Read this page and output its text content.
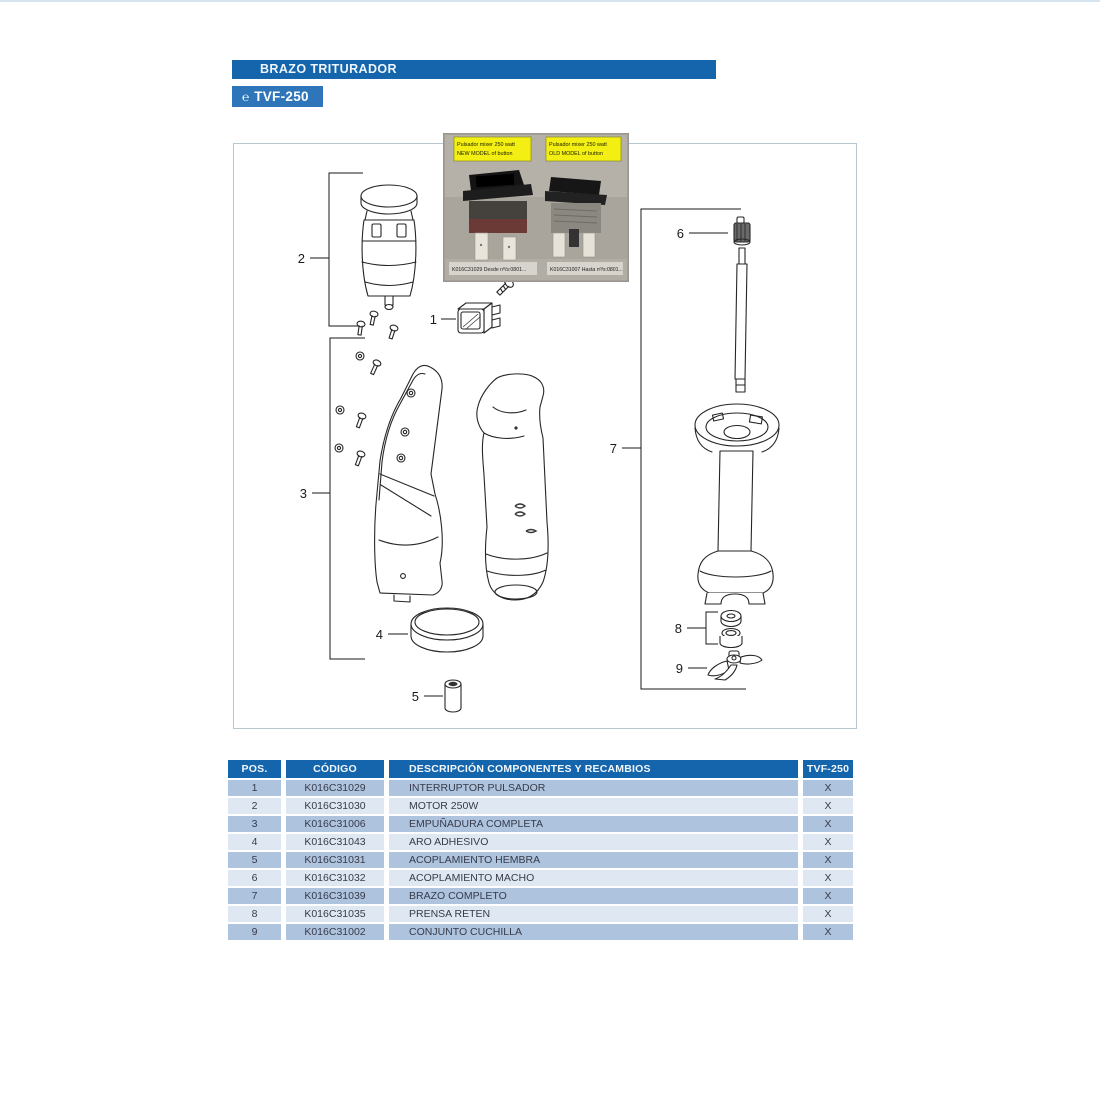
BRAZO TRITURADOR
℮ TVF-250
1
2
3
4
5
6
7
8
9
Pulsador mixer 250 watt
NEW MODEL of button
Pulsador mixer 250 watt
OLD MODEL of button
K016C31029 Desde nº/s:0801...	K016C31007 Hasta nº/s:0801...
POS.	CÓDIGO	DESCRIPCIÓN COMPONENTES Y RECAMBIOS	TVF-250
1	K016C31029	INTERRUPTOR PULSADOR	X
2	K016C31030	MOTOR 250W	X
3	K016C31006	EMPUÑADURA COMPLETA	X
4	K016C31043	ARO ADHESIVO	X
5	K016C31031	ACOPLAMIENTO HEMBRA	X
6	K016C31032	ACOPLAMIENTO MACHO	X
7	K016C31039	BRAZO COMPLETO	X
8	K016C31035	PRENSA RETEN	X
9	K016C31002	CONJUNTO CUCHILLA	X
